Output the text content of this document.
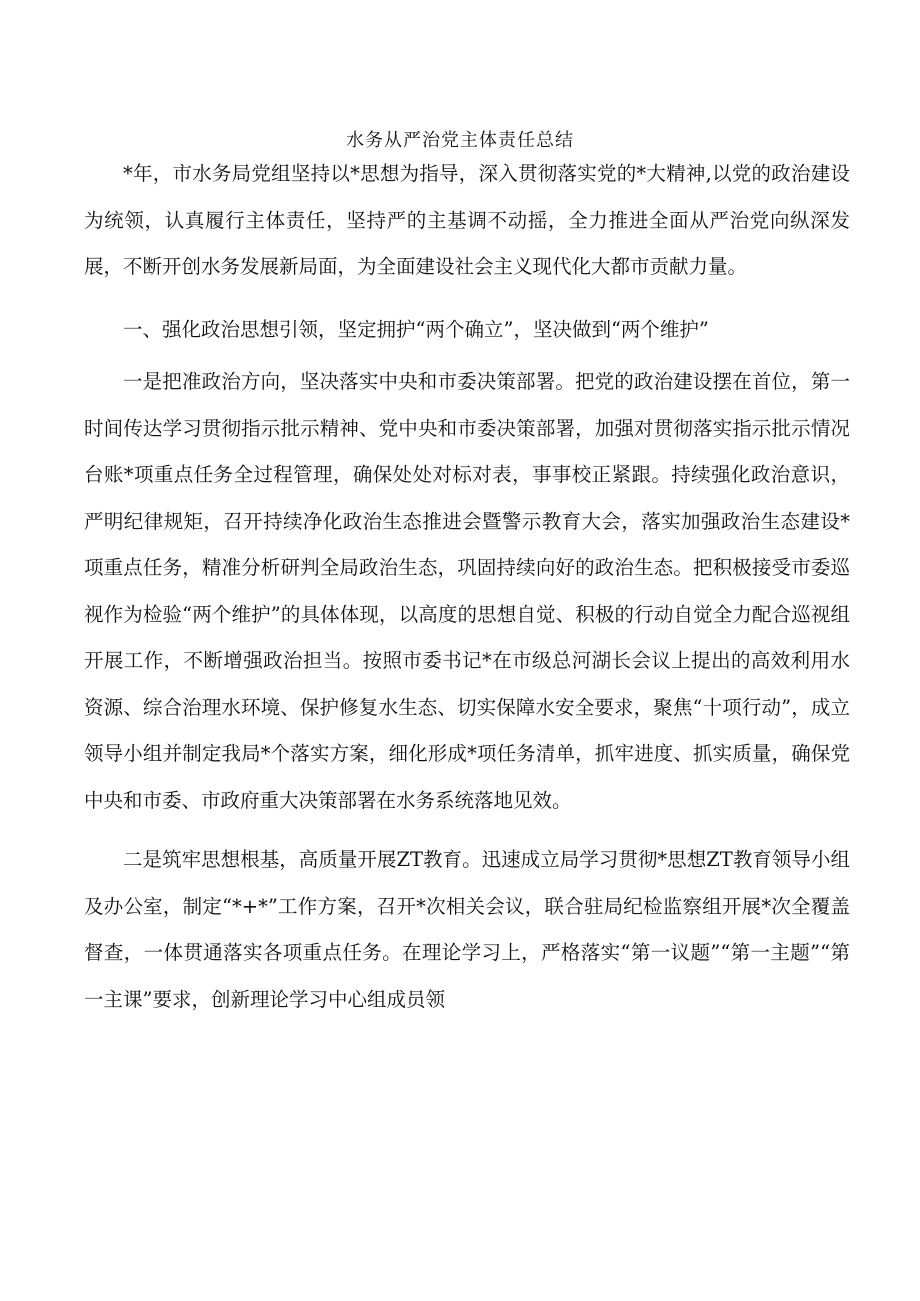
水务从严治党主体责任总结

*年，市水务局党组坚持以*思想为指导，深入贯彻落实党的*大精神,以党的政治建设为统领，认真履行主体责任，坚持严的主基调不动摇，全力推进全面从严治党向纵深发展，不断开创水务发展新局面，为全面建设社会主义现代化大都市贡献力量。

一、强化政治思想引领，坚定拥护“两个确立”，坚决做到“两个维护”

一是把准政治方向，坚决落实中央和市委决策部署。把党的政治建设摆在首位，第一时间传达学习贯彻指示批示精神、党中央和市委决策部署，加强对贯彻落实指示批示情况台账*项重点任务全过程管理，确保处处对标对表，事事校正紧跟。持续强化政治意识，严明纪律规矩，召开持续净化政治生态推进会暨警示教育大会，落实加强政治生态建设*项重点任务，精准分析研判全局政治生态，巩固持续向好的政治生态。把积极接受市委巡视作为检验“两个维护”的具体体现，以高度的思想自觉、积极的行动自觉全力配合巡视组开展工作，不断增强政治担当。按照市委书记*在市级总河湖长会议上提出的高效利用水资源、综合治理水环境、保护修复水生态、切实保障水安全要求，聚焦“十项行动”，成立领导小组并制定我局*个落实方案，细化形成*项任务清单，抓牢进度、抓实质量，确保党中央和市委、市政府重大决策部署在水务系统落地见效。

二是筑牢思想根基，高质量开展ZT教育。迅速成立局学习贯彻*思想ZT教育领导小组及办公室，制定“*+*”工作方案，召开*次相关会议，联合驻局纪检监察组开展*次全覆盖督查，一体贯通落实各项重点任务。在理论学习上，严格落实“第一议题”“第一主题”“第一主课”要求，创新理论学习中心组成员领
